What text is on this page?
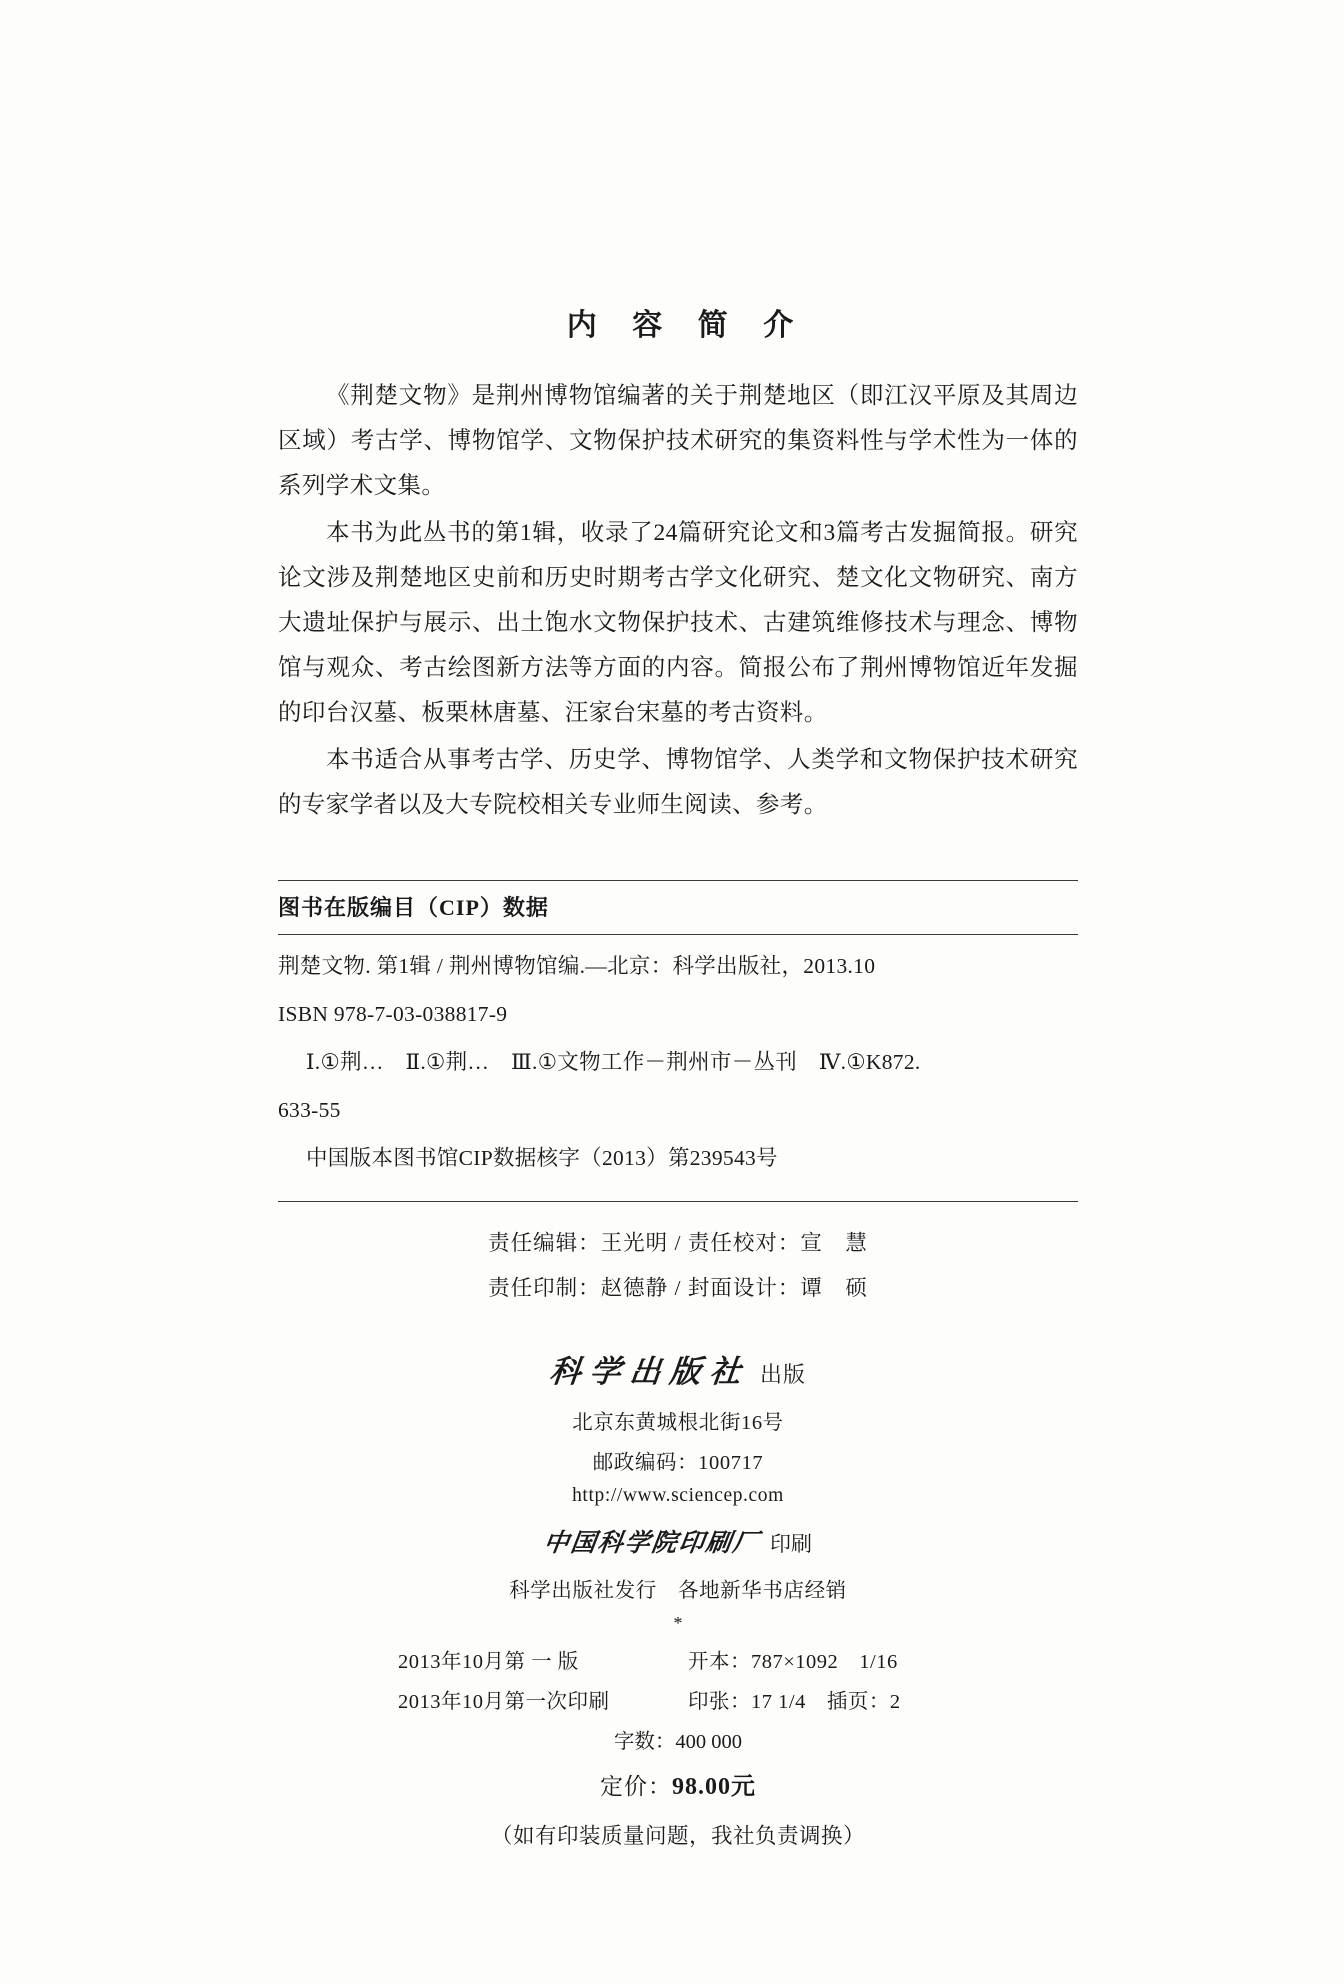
内 容 简 介

《荆楚文物》是荆州博物馆编著的关于荆楚地区（即江汉平原及其周边区域）考古学、博物馆学、文物保护技术研究的集资料性与学术性为一体的系列学术文集。

本书为此丛书的第1辑，收录了24篇研究论文和3篇考古发掘简报。研究论文涉及荆楚地区史前和历史时期考古学文化研究、楚文化文物研究、南方大遗址保护与展示、出土饱水文物保护技术、古建筑维修技术与理念、博物馆与观众、考古绘图新方法等方面的内容。简报公布了荆州博物馆近年发掘的印台汉墓、板栗林唐墓、汪家台宋墓的考古资料。

本书适合从事考古学、历史学、博物馆学、人类学和文物保护技术研究的专家学者以及大专院校相关专业师生阅读、参考。

图书在版编目（CIP）数据

荆楚文物. 第1辑 / 荆州博物馆编.—北京：科学出版社，2013.10

ISBN 978-7-03-038817-9

Ⅰ.①荆…　Ⅱ.①荆…　Ⅲ.①文物工作－荆州市－丛刊　Ⅳ.①K872.

633-55

中国版本图书馆CIP数据核字（2013）第239543号

责任编辑：王光明 / 责任校对：宣　慧

责任印制：赵德静 / 封面设计：谭　硕

科学出版社 出版

北京东黄城根北街16号

邮政编码：100717

http://www.sciencep.com

中国科学院印刷厂 印刷

科学出版社发行　各地新华书店经销

*
2013年10月第 一 版	开本：787×1092　1/16
2013年10月第一次印刷	印张：17 1/4　插页：2
字数：400 000
定价：98.00元
（如有印装质量问题，我社负责调换）
